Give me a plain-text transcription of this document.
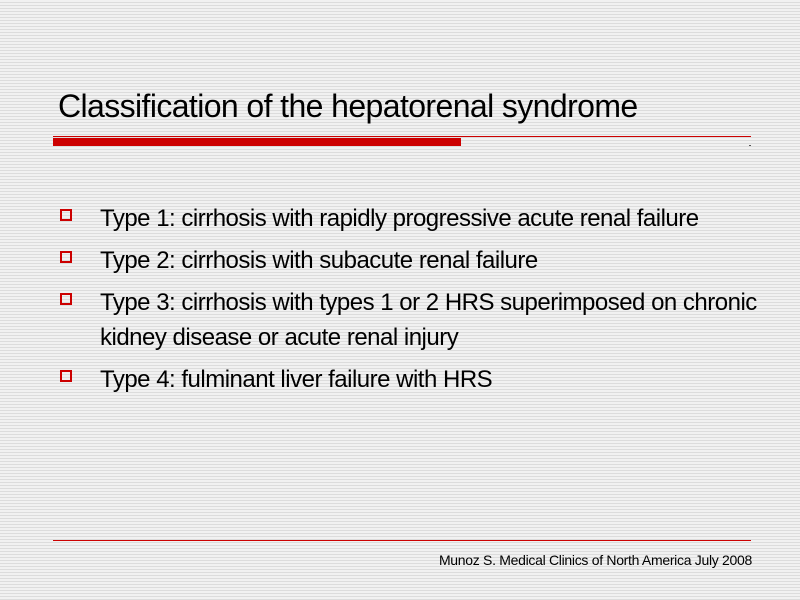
Classification of the hepatorenal syndrome
Type 1: cirrhosis with rapidly progressive acute renal failure
Type 2: cirrhosis with subacute renal failure
Type 3: cirrhosis with types 1 or 2 HRS superimposed on chronic kidney disease or acute renal injury
Type 4: fulminant liver failure with HRS
Munoz S. Medical Clinics of North America July 2008
